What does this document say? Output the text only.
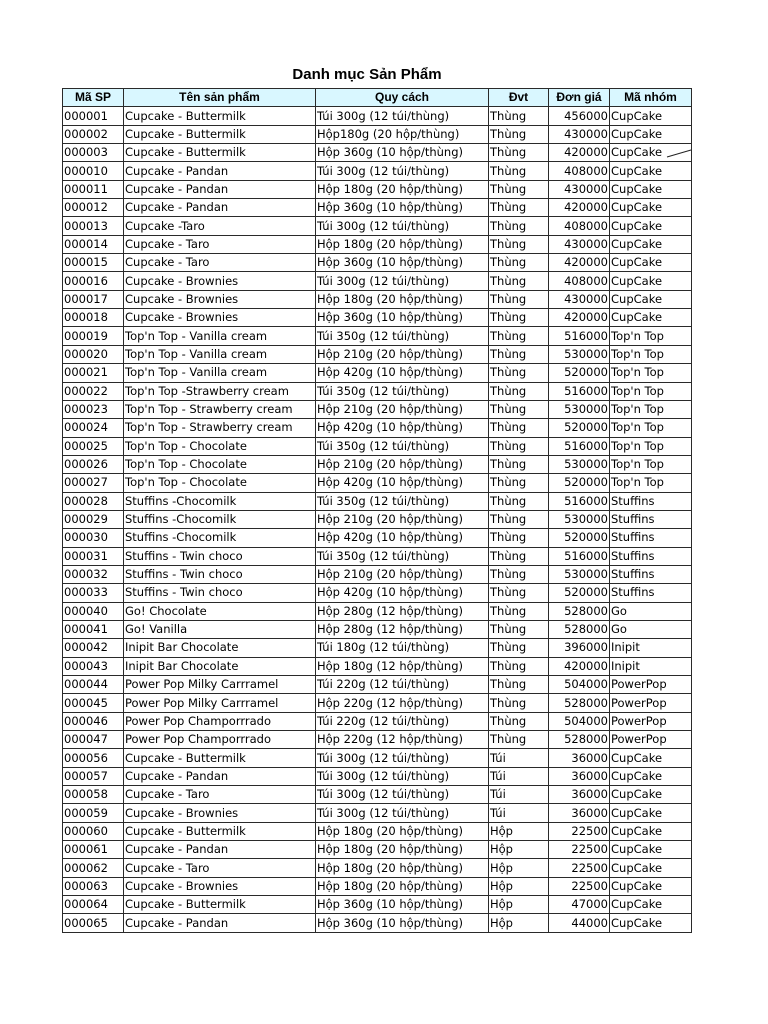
Danh mục Sản Phẩm
Mã SP	Tên sản phẩm	Quy cách	Đvt	Đơn giá	Mã nhóm
000001	Cupcake - Buttermilk	Túi 300g (12 túi/thùng)	Thùng	456000	CupCake
000002	Cupcake - Buttermilk	Hộp180g (20 hộp/thùng)	Thùng	430000	CupCake
000003	Cupcake - Buttermilk	Hộp 360g (10 hộp/thùng)	Thùng	420000	CupCake
000010	Cupcake - Pandan	Túi 300g (12 túi/thùng)	Thùng	408000	CupCake
000011	Cupcake - Pandan	Hộp 180g (20 hộp/thùng)	Thùng	430000	CupCake
000012	Cupcake - Pandan	Hộp 360g (10 hộp/thùng)	Thùng	420000	CupCake
000013	Cupcake -Taro	Túi 300g (12 túi/thùng)	Thùng	408000	CupCake
000014	Cupcake - Taro	Hộp 180g (20 hộp/thùng)	Thùng	430000	CupCake
000015	Cupcake - Taro	Hộp 360g (10 hộp/thùng)	Thùng	420000	CupCake
000016	Cupcake - Brownies	Túi 300g (12 túi/thùng)	Thùng	408000	CupCake
000017	Cupcake - Brownies	Hộp 180g (20 hộp/thùng)	Thùng	430000	CupCake
000018	Cupcake - Brownies	Hộp 360g (10 hộp/thùng)	Thùng	420000	CupCake
000019	Top'n Top - Vanilla cream	Túi 350g (12 túi/thùng)	Thùng	516000	Top'n Top
000020	Top'n Top - Vanilla cream	Hộp 210g (20 hộp/thùng)	Thùng	530000	Top'n Top
000021	Top'n Top - Vanilla cream	Hộp 420g (10 hộp/thùng)	Thùng	520000	Top'n Top
000022	Top'n Top -Strawberry cream	Túi 350g (12 túi/thùng)	Thùng	516000	Top'n Top
000023	Top'n Top - Strawberry cream	Hộp 210g (20 hộp/thùng)	Thùng	530000	Top'n Top
000024	Top'n Top - Strawberry cream	Hộp 420g (10 hộp/thùng)	Thùng	520000	Top'n Top
000025	Top'n Top - Chocolate	Túi 350g (12 túi/thùng)	Thùng	516000	Top'n Top
000026	Top'n Top - Chocolate	Hộp 210g (20 hộp/thùng)	Thùng	530000	Top'n Top
000027	Top'n Top - Chocolate	Hộp 420g (10 hộp/thùng)	Thùng	520000	Top'n Top
000028	Stuffins -Chocomilk	Túi 350g (12 túi/thùng)	Thùng	516000	Stuffins
000029	Stuffins -Chocomilk	Hộp 210g (20 hộp/thùng)	Thùng	530000	Stuffins
000030	Stuffins -Chocomilk	Hộp 420g (10 hộp/thùng)	Thùng	520000	Stuffins
000031	Stuffins - Twin choco	Túi 350g (12 túi/thùng)	Thùng	516000	Stuffins
000032	Stuffins - Twin choco	Hộp 210g (20 hộp/thùng)	Thùng	530000	Stuffins
000033	Stuffins - Twin choco	Hộp 420g (10 hộp/thùng)	Thùng	520000	Stuffins
000040	Go! Chocolate	Hộp 280g (12 hộp/thùng)	Thùng	528000	Go
000041	Go! Vanilla	Hộp 280g (12 hộp/thùng)	Thùng	528000	Go
000042	Inipit Bar Chocolate	Túi 180g (12 túi/thùng)	Thùng	396000	Inipit
000043	Inipit Bar Chocolate	Hộp 180g (12 hộp/thùng)	Thùng	420000	Inipit
000044	Power Pop Milky Carrramel	Túi 220g (12 túi/thùng)	Thùng	504000	PowerPop
000045	Power Pop Milky Carrramel	Hộp 220g (12 hộp/thùng)	Thùng	528000	PowerPop
000046	Power Pop Champorrrado	Túi 220g (12 túi/thùng)	Thùng	504000	PowerPop
000047	Power Pop Champorrrado	Hộp 220g (12 hộp/thùng)	Thùng	528000	PowerPop
000056	Cupcake - Buttermilk	Túi 300g (12 túi/thùng)	Túi	36000	CupCake
000057	Cupcake - Pandan	Túi 300g (12 túi/thùng)	Túi	36000	CupCake
000058	Cupcake - Taro	Túi 300g (12 túi/thùng)	Túi	36000	CupCake
000059	Cupcake - Brownies	Túi 300g (12 túi/thùng)	Túi	36000	CupCake
000060	Cupcake - Buttermilk	Hộp 180g (20 hộp/thùng)	Hộp	22500	CupCake
000061	Cupcake - Pandan	Hộp 180g (20 hộp/thùng)	Hộp	22500	CupCake
000062	Cupcake - Taro	Hộp 180g (20 hộp/thùng)	Hộp	22500	CupCake
000063	Cupcake - Brownies	Hộp 180g (20 hộp/thùng)	Hộp	22500	CupCake
000064	Cupcake - Buttermilk	Hộp 360g (10 hộp/thùng)	Hộp	47000	CupCake
000065	Cupcake - Pandan	Hộp 360g (10 hộp/thùng)	Hộp	44000	CupCake
